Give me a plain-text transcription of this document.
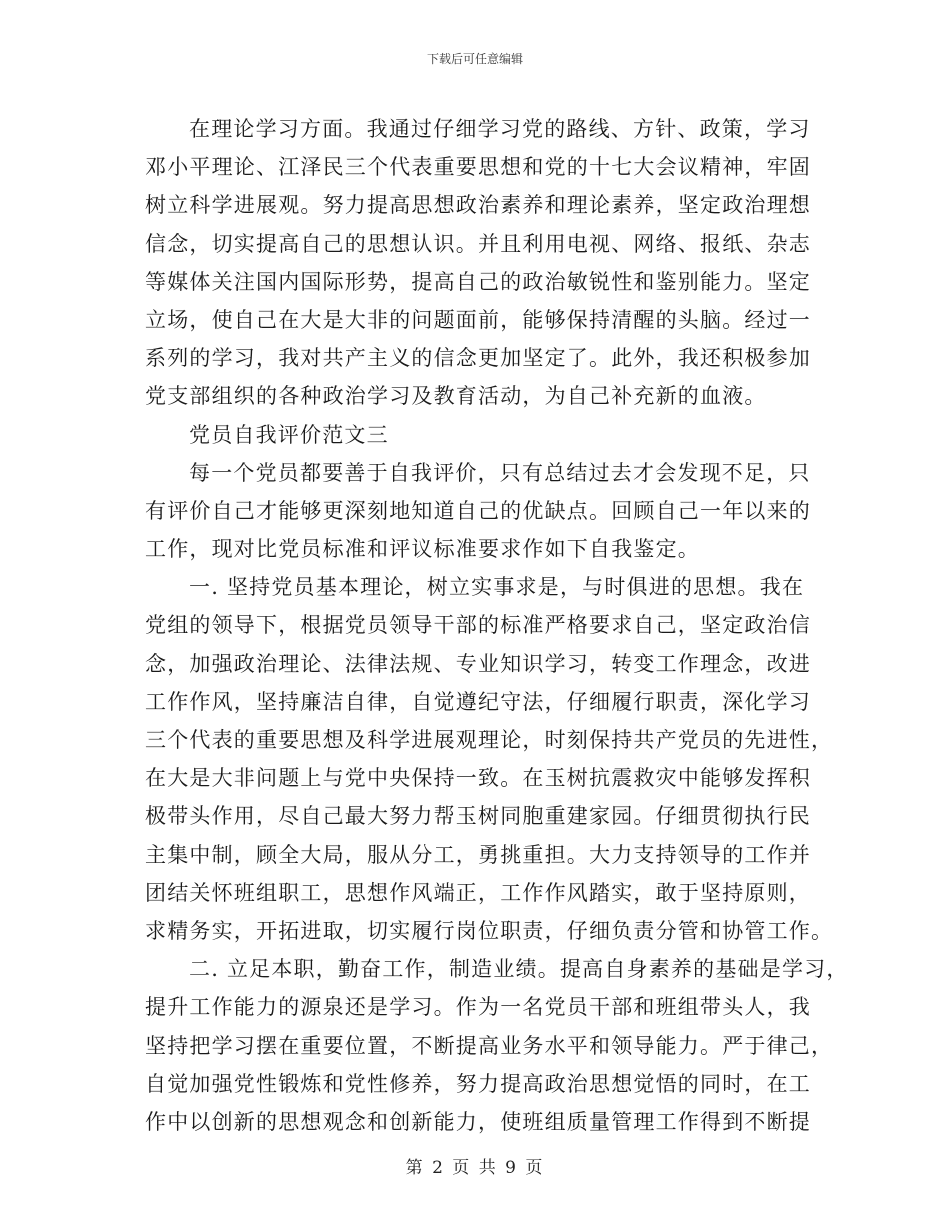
下载后可任意编辑
在理论学习方面。我通过仔细学习党的路线、方针、政策，学习
邓小平理论、江泽民三个代表重要思想和党的十七大会议精神，牢固
树立科学进展观。努力提高思想政治素养和理论素养，坚定政治理想
信念，切实提高自己的思想认识。并且利用电视、网络、报纸、杂志
等媒体关注国内国际形势，提高自己的政治敏锐性和鉴别能力。坚定
立场，使自己在大是大非的问题面前，能够保持清醒的头脑。经过一
系列的学习，我对共产主义的信念更加坚定了。此外，我还积极参加
党支部组织的各种政治学习及教育活动，为自己补充新的血液。
党员自我评价范文三
每一个党员都要善于自我评价，只有总结过去才会发现不足，只
有评价自己才能够更深刻地知道自己的优缺点。回顾自己一年以来的
工作，现对比党员标准和评议标准要求作如下自我鉴定。
一. 坚持党员基本理论，树立实事求是，与时俱进的思想。我在
党组的领导下，根据党员领导干部的标准严格要求自己，坚定政治信
念，加强政治理论、法律法规、专业知识学习，转变工作理念，改进
工作作风，坚持廉洁自律，自觉遵纪守法，仔细履行职责，深化学习
三个代表的重要思想及科学进展观理论，时刻保持共产党员的先进性，
在大是大非问题上与党中央保持一致。在玉树抗震救灾中能够发挥积
极带头作用，尽自己最大努力帮玉树同胞重建家园。仔细贯彻执行民
主集中制，顾全大局，服从分工，勇挑重担。大力支持领导的工作并
团结关怀班组职工，思想作风端正，工作作风踏实，敢于坚持原则，
求精务实，开拓进取，切实履行岗位职责，仔细负责分管和协管工作。
二. 立足本职，勤奋工作，制造业绩。提高自身素养的基础是学习，
提升工作能力的源泉还是学习。作为一名党员干部和班组带头人，我
坚持把学习摆在重要位置，不断提高业务水平和领导能力。严于律己，
自觉加强党性锻炼和党性修养，努力提高政治思想觉悟的同时，在工
作中以创新的思想观念和创新能力，使班组质量管理工作得到不断提
第 2 页 共 9 页
